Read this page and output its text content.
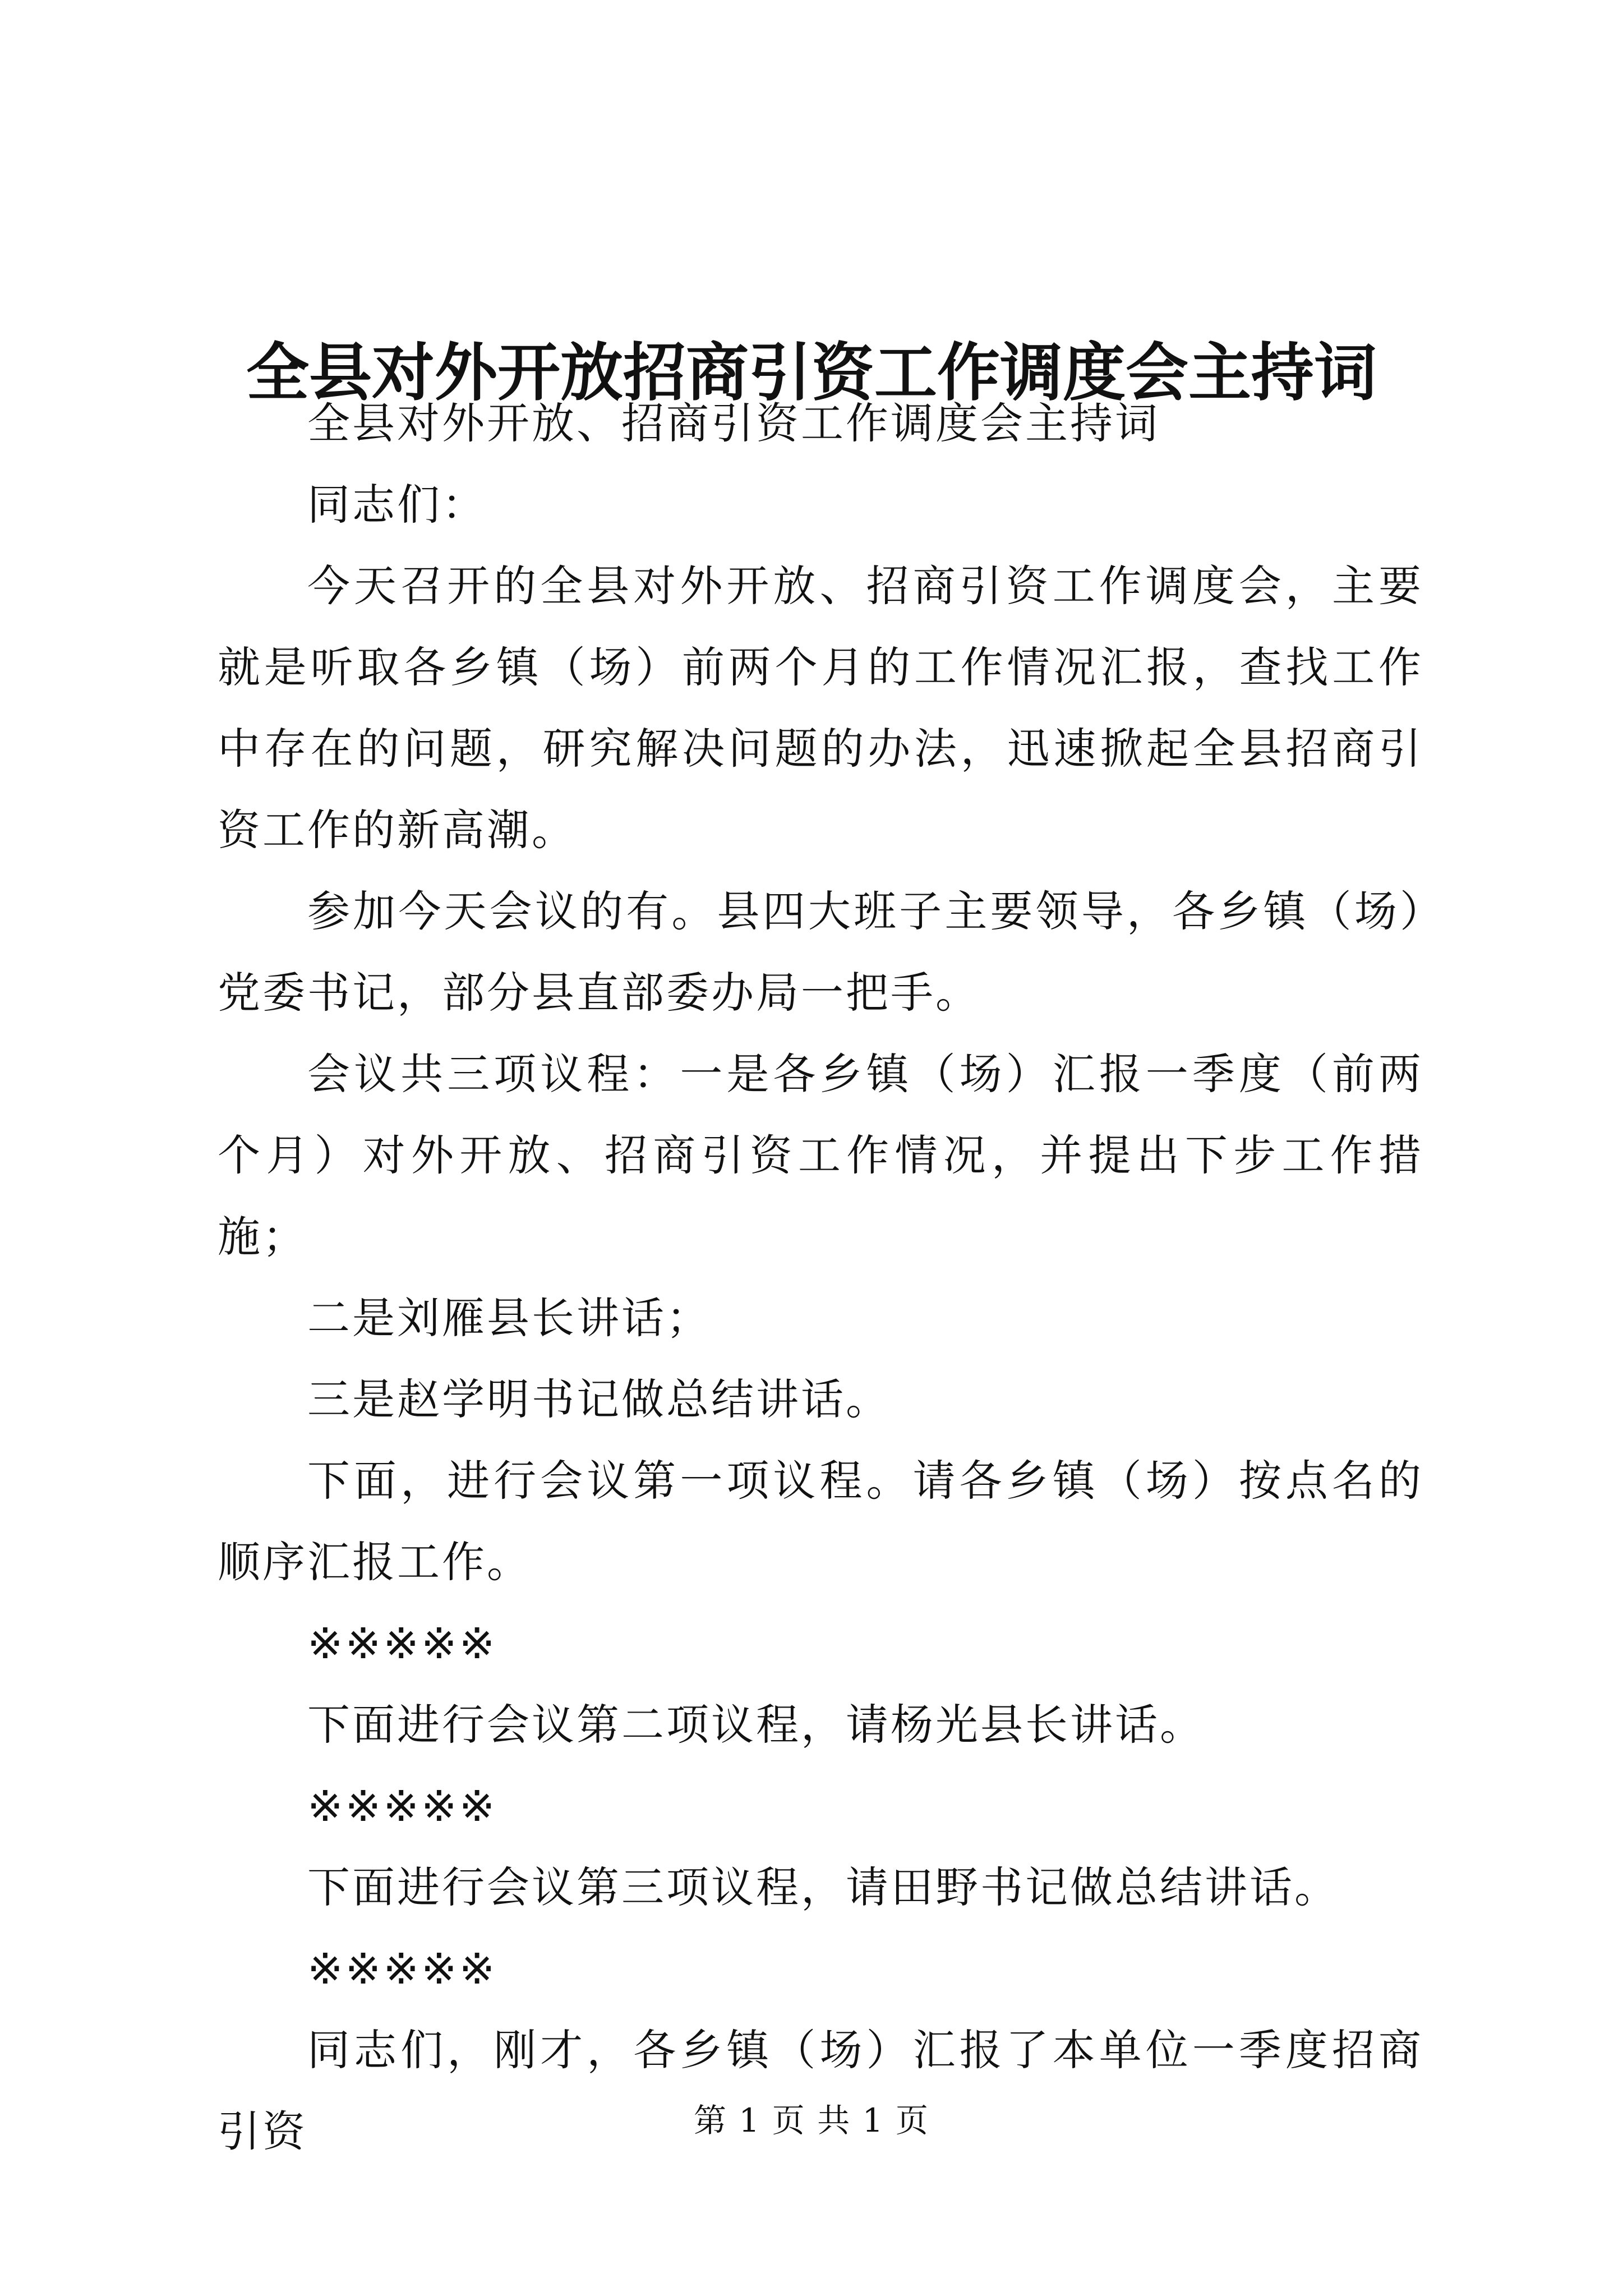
全县对外开放招商引资工作调度会主持词

全县对外开放、招商引资工作调度会主持词

同志们：

今天召开的全县对外开放、招商引资工作调度会，主要就是听取各乡镇（场）前两个月的工作情况汇报，查找工作中存在的问题，研究解决问题的办法，迅速掀起全县招商引资工作的新高潮。

参加今天会议的有。县四大班子主要领导，各乡镇（场）党委书记，部分县直部委办局一把手。

会议共三项议程：一是各乡镇（场）汇报一季度（前两个月）对外开放、招商引资工作情况，并提出下步工作措施；

二是刘雁县长讲话；

三是赵学明书记做总结讲话。

下面，进行会议第一项议程。请各乡镇（场）按点名的顺序汇报工作。

※※※※※

下面进行会议第二项议程，请杨光县长讲话。

※※※※※

下面进行会议第三项议程，请田野书记做总结讲话。

※※※※※

同志们，刚才，各乡镇（场）汇报了本单位一季度招商引资	第 1 页 共 1 页
